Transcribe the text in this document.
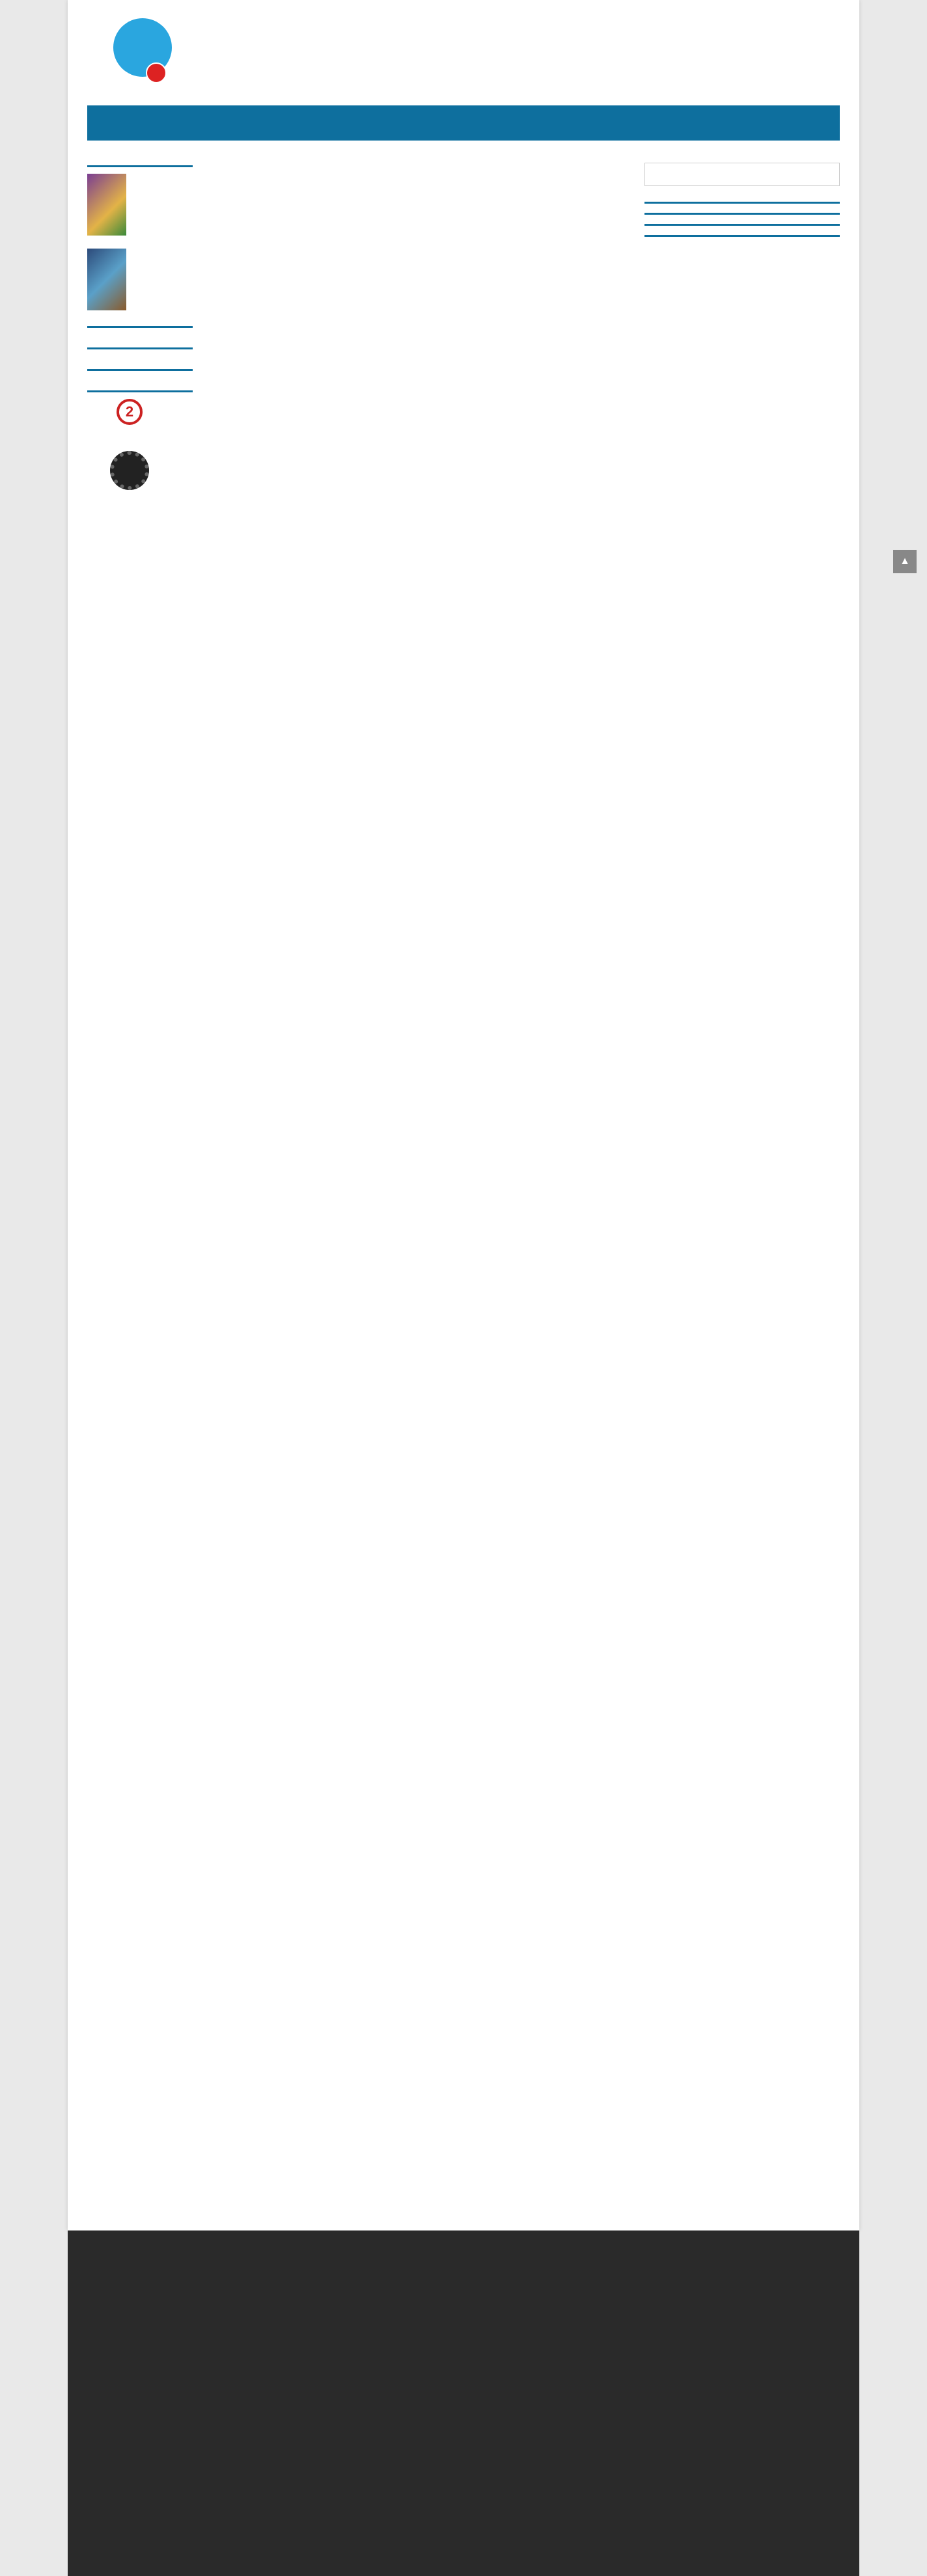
2
▲
